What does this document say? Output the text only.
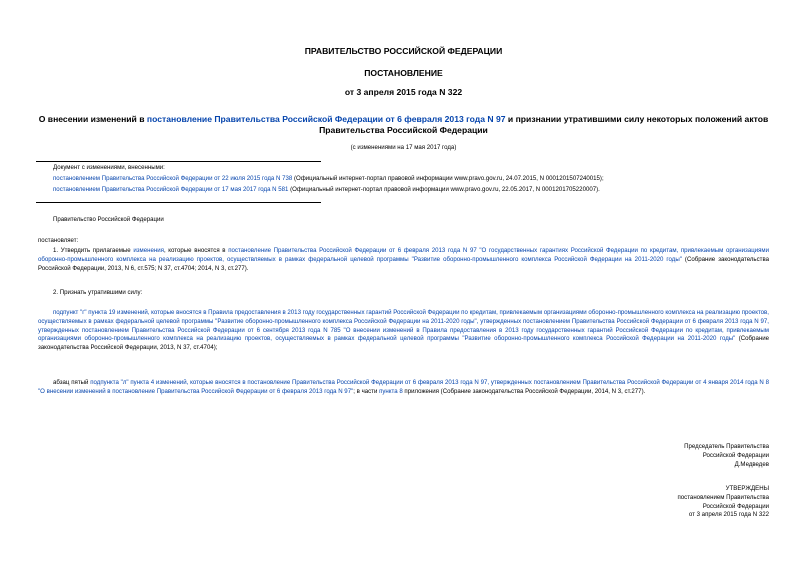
ПРАВИТЕЛЬСТВО РОССИЙСКОЙ ФЕДЕРАЦИИ
ПОСТАНОВЛЕНИЕ
от 3 апреля 2015 года N 322
О внесении изменений в постановление Правительства Российской Федерации от 6 февраля 2013 года N 97 и признании утратившими силу некоторых положений актов Правительства Российской Федерации
(с изменениями на 17 мая 2017 года)
Документ с изменениями, внесенными:
постановлением Правительства Российской Федерации от 22 июля 2015 года N 738 (Официальный интернет-портал правовой информации www.pravo.gov.ru, 24.07.2015, N 0001201507240015);
постановлением Правительства Российской Федерации от 17 мая 2017 года N 581 (Официальный интернет-портал правовой информации www.pravo.gov.ru, 22.05.2017, N 0001201705220007).
Правительство Российской Федерации
постановляет:
1. Утвердить прилагаемые изменения, которые вносятся в постановление Правительства Российской Федерации от 6 февраля 2013 года N 97 "О государственных гарантиях Российской Федерации по кредитам, привлекаемым организациями оборонно-промышленного комплекса на реализацию проектов, осуществляемых в рамках федеральной целевой программы "Развитие оборонно-промышленного комплекса Российской Федерации на 2011-2020 годы" (Собрание законодательства Российской Федерации, 2013, N 6, ст.575; N 37, ст.4704; 2014, N 3, ст.277).
2. Признать утратившими силу:
подпункт "г" пункта 19 изменений, которые вносятся в Правила предоставления в 2013 году государственных гарантий Российской Федерации по кредитам, привлекаемым организациями оборонно-промышленного комплекса на реализацию проектов, осуществляемых в рамках федеральной целевой программы "Развитие оборонно-промышленного комплекса Российской Федерации на 2011-2020 годы", утвержденных постановлением Правительства Российской Федерации от 6 февраля 2013 года N 97, утвержденных постановлением Правительства Российской Федерации от 6 сентября 2013 года N 785 "О внесении изменений в Правила предоставления в 2013 году государственных гарантий Российской Федерации по кредитам, привлекаемым организациями оборонно-промышленного комплекса на реализацию проектов, осуществляемых в рамках федеральной целевой программы "Развитие оборонно-промышленного комплекса Российской Федерации на 2011-2020 годы" (Собрание законодательства Российской Федерации, 2013, N 37, ст.4704);
абзац пятый подпункта "л" пункта 4 изменений, которые вносятся в постановление Правительства Российской Федерации от 6 февраля 2013 года N 97, утвержденных постановлением Правительства Российской Федерации от 4 января 2014 года N 8 "О внесении изменений в постановление Правительства Российской Федерации от 6 февраля 2013 года N 97"; в части пункта 8 приложения (Собрание законодательства Российской Федерации, 2014, N 3, ст.277).
Председатель Правительства
Российской Федерации
Д.Медведев
УТВЕРЖДЕНЫ
постановлением Правительства
Российской Федерации
от 3 апреля 2015 года N 322
